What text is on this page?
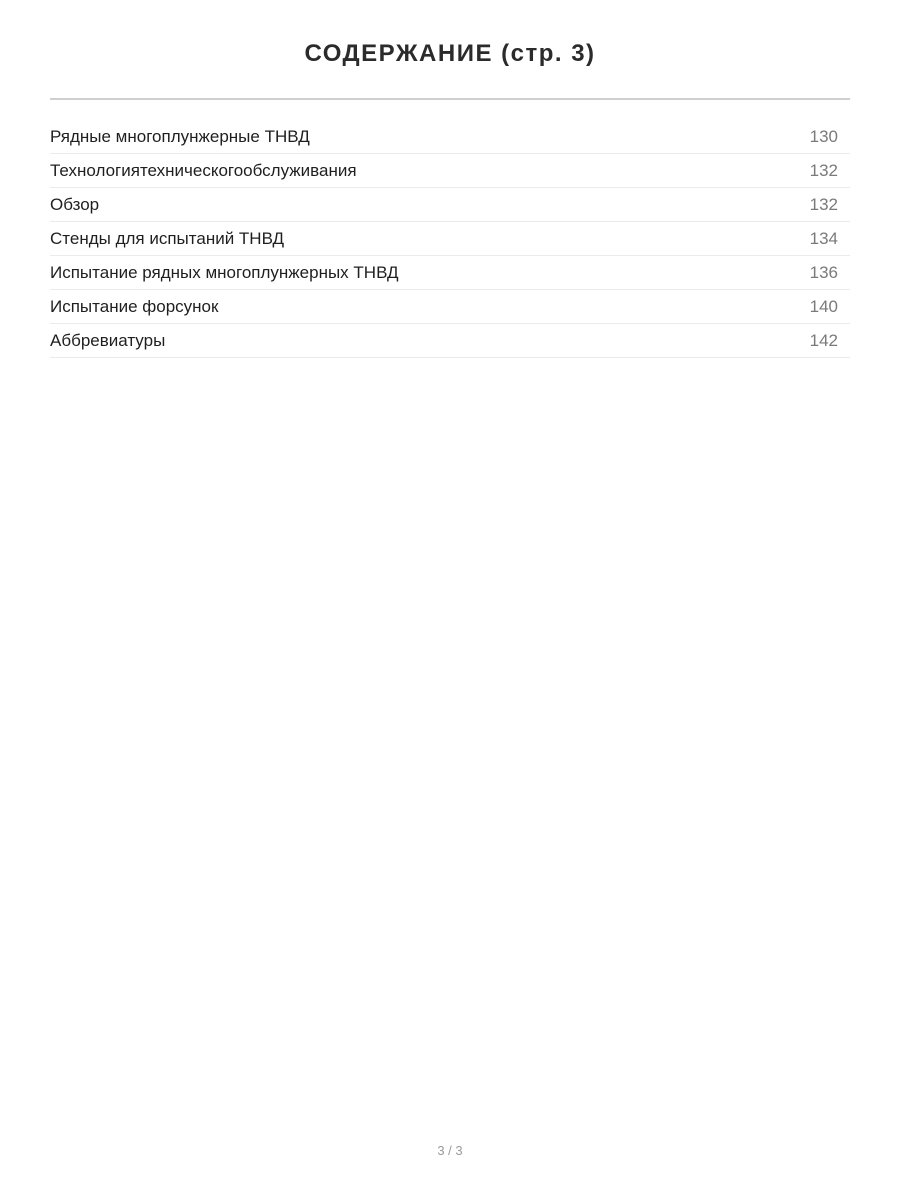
СОДЕРЖАНИЕ (стр. 3)
Рядные многоплунжерные ТНВД	130
Технологиятехническогообслуживания	132
Обзор	132
Стенды для испытаний ТНВД	134
Испытание рядных многоплунжерных ТНВД	136
Испытание форсунок	140
Аббревиатуры	142
3 / 3
